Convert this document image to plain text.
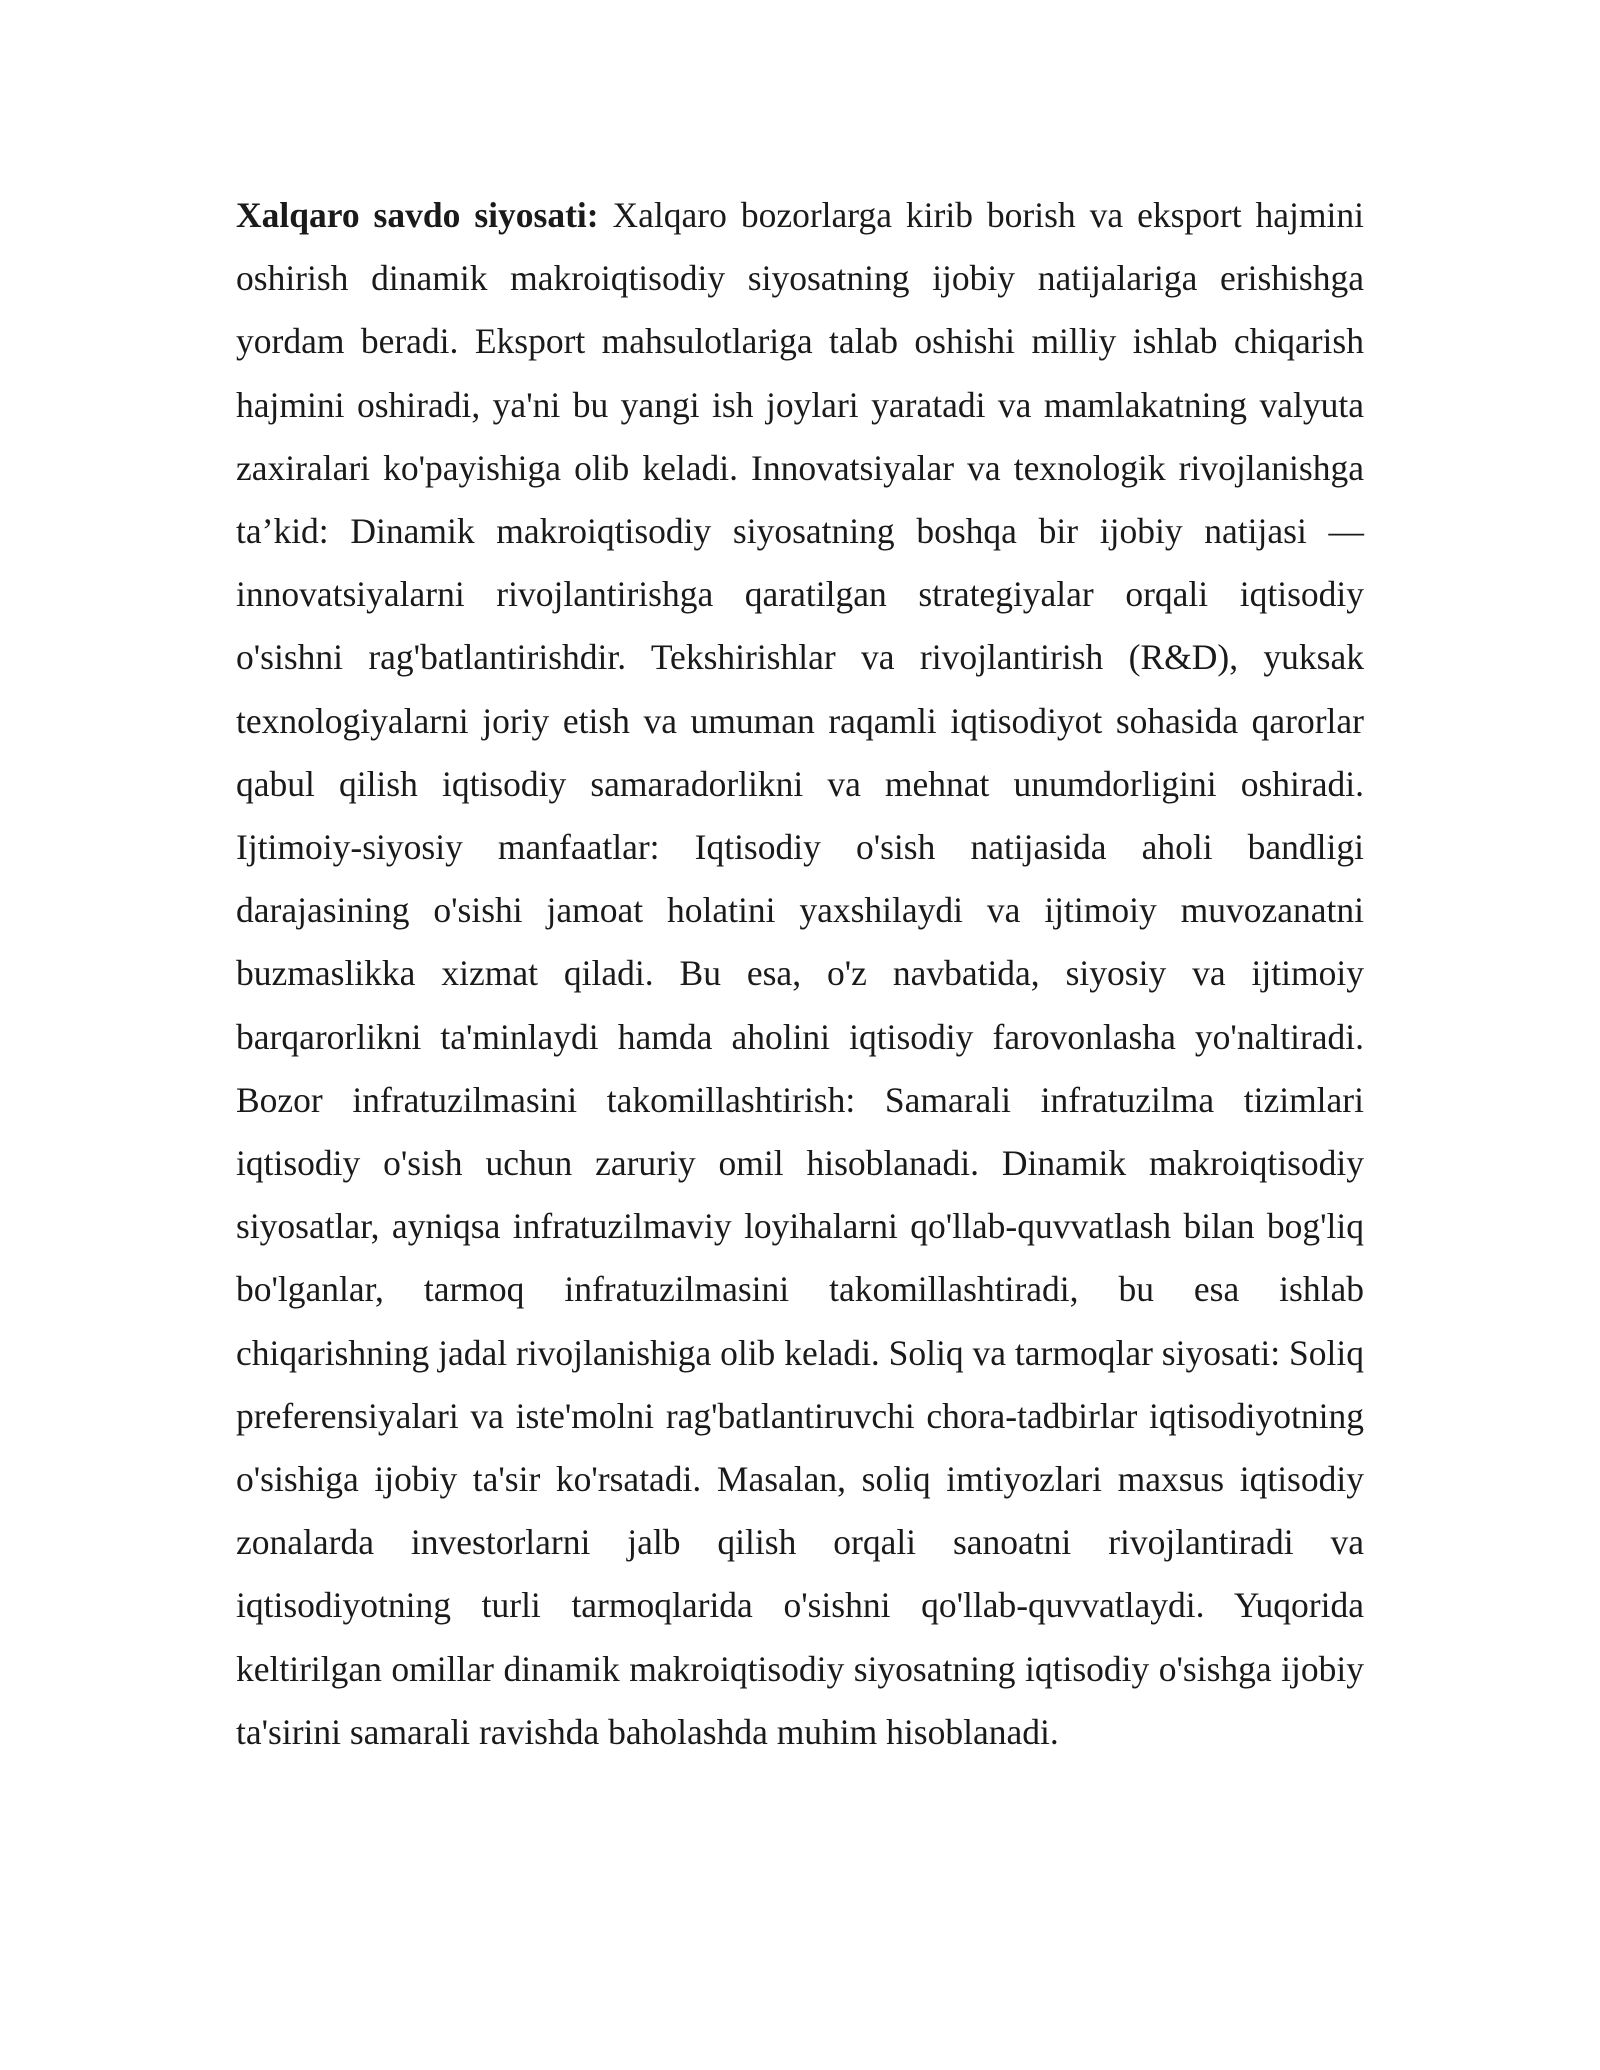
Xalqaro savdo siyosati: Xalqaro bozorlarga kirib borish va eksport hajmini oshirish dinamik makroiqtisodiy siyosatning ijobiy natijalariga erishishga yordam beradi. Eksport mahsulotlariga talab oshishi milliy ishlab chiqarish hajmini oshiradi, ya'ni bu yangi ish joylari yaratadi va mamlakatning valyuta zaxiralari ko'payishiga olib keladi. Innovatsiyalar va texnologik rivojlanishga ta’kid: Dinamik makroiqtisodiy siyosatning boshqa bir ijobiy natijasi — innovatsiyalarni rivojlantirishga qaratilgan strategiyalar orqali iqtisodiy o'sishni rag'batlantirishdir. Tekshirishlar va rivojlantirish (R&D), yuksak texnologiyalarni joriy etish va umuman raqamli iqtisodiyot sohasida qarorlar qabul qilish iqtisodiy samaradorlikni va mehnat unumdorligini oshiradi. Ijtimoiy-siyosiy manfaatlar: Iqtisodiy o'sish natijasida aholi bandligi darajasining o'sishi jamoat holatini yaxshilaydi va ijtimoiy muvozanatni buzmaslikka xizmat qiladi. Bu esa, o'z navbatida, siyosiy va ijtimoiy barqarorlikni ta'minlaydi hamda aholini iqtisodiy farovonlasha yo'naltiradi. Bozor infratuzilmasini takomillashtirish: Samarali infratuzilma tizimlari iqtisodiy o'sish uchun zaruriy omil hisoblanadi. Dinamik makroiqtisodiy siyosatlar, ayniqsa infratuzilmaviy loyihalarni qo'llab-quvvatlash bilan bog'liq bo'lganlar, tarmoq infratuzilmasini takomillashtiradi, bu esa ishlab chiqarishning jadal rivojlanishiga olib keladi. Soliq va tarmoqlar siyosati: Soliq preferensiyalari va iste'molni rag'batlantiruvchi chora-tadbirlar iqtisodiyotning o'sishiga ijobiy ta'sir ko'rsatadi. Masalan, soliq imtiyozlari maxsus iqtisodiy zonalarda investorlarni jalb qilish orqali sanoatni rivojlantiradi va iqtisodiyotning turli tarmoqlarida o'sishni qo'llab-quvvatlaydi. Yuqorida keltirilgan omillar dinamik makroiqtisodiy siyosatning iqtisodiy o'sishga ijobiy ta'sirini samarali ravishda baholashda muhim hisoblanadi.
